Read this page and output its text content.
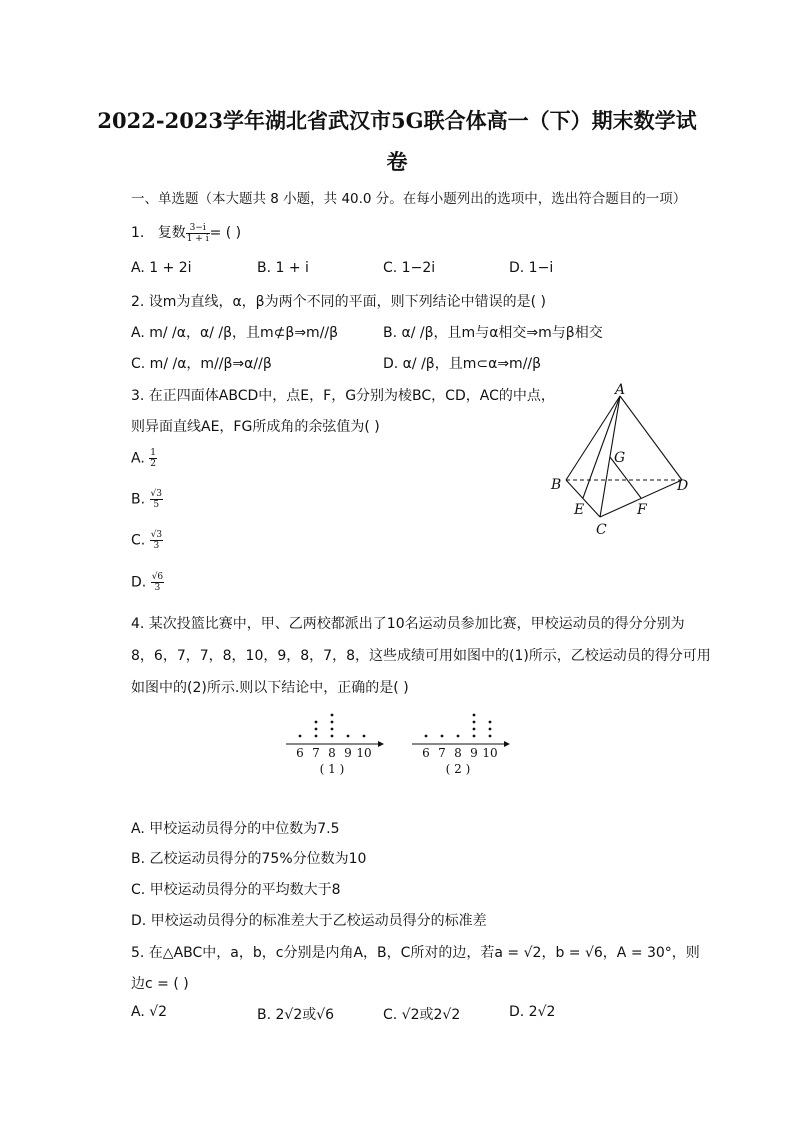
2022-2023学年湖北省武汉市5G联合体高一（下）期末数学试
卷
一、单选题（本大题共 8 小题，共 40.0 分。在每小题列出的选项中，选出符合题目的一项）
1. 复数 $\frac{3-i}{1 + i}$ = ( )
A. 1 + 2i	B. 1 + i	C. 1−2i	D. 1−i
2. 设m为直线，α，β为两个不同的平面，则下列结论中错误的是( )
A. m/ /α，α/ /β，且m⊄β⇒m//β	B. α/ /β，且m与α相交⇒m与β相交
C. m/ /α，m//β⇒α//β	D. α/ /β，且m⊂α⇒m//β
3. 在正四面体ABCD中，点E，F，G分别为棱BC，CD，AC的中点，
则异面直线AE，FG所成角的余弦值为( )
A. $\frac{1}{2}$
B. $\frac{√3}{5}$
C. $\frac{√3}{3}$
D. $\frac{√6}{3}$
A
B
C
D
E	F
G
4. 某次投篮比赛中，甲、乙两校都派出了10名运动员参加比赛，甲校运动员的得分分别为
8，6，7，7，8，10，9，8，7，8，这些成绩可用如图中的(1)所示，乙校运动员的得分可用
如图中的(2)所示.则以下结论中，正确的是( )
6 7 8 9 10
( 1 )
6 7 8 9 10
( 2 )
A. 甲校运动员得分的中位数为7.5
B. 乙校运动员得分的75%分位数为10
C. 甲校运动员得分的平均数大于8
D. 甲校运动员得分的标准差大于乙校运动员得分的标准差
5. 在△ABC中，a，b，c分别是内角A，B，C所对的边，若a = √2，b = √6，A = 30°，则
边c = ( )
A. √2	B. 2√2或√6	C. √2或2√2	D. 2√2
